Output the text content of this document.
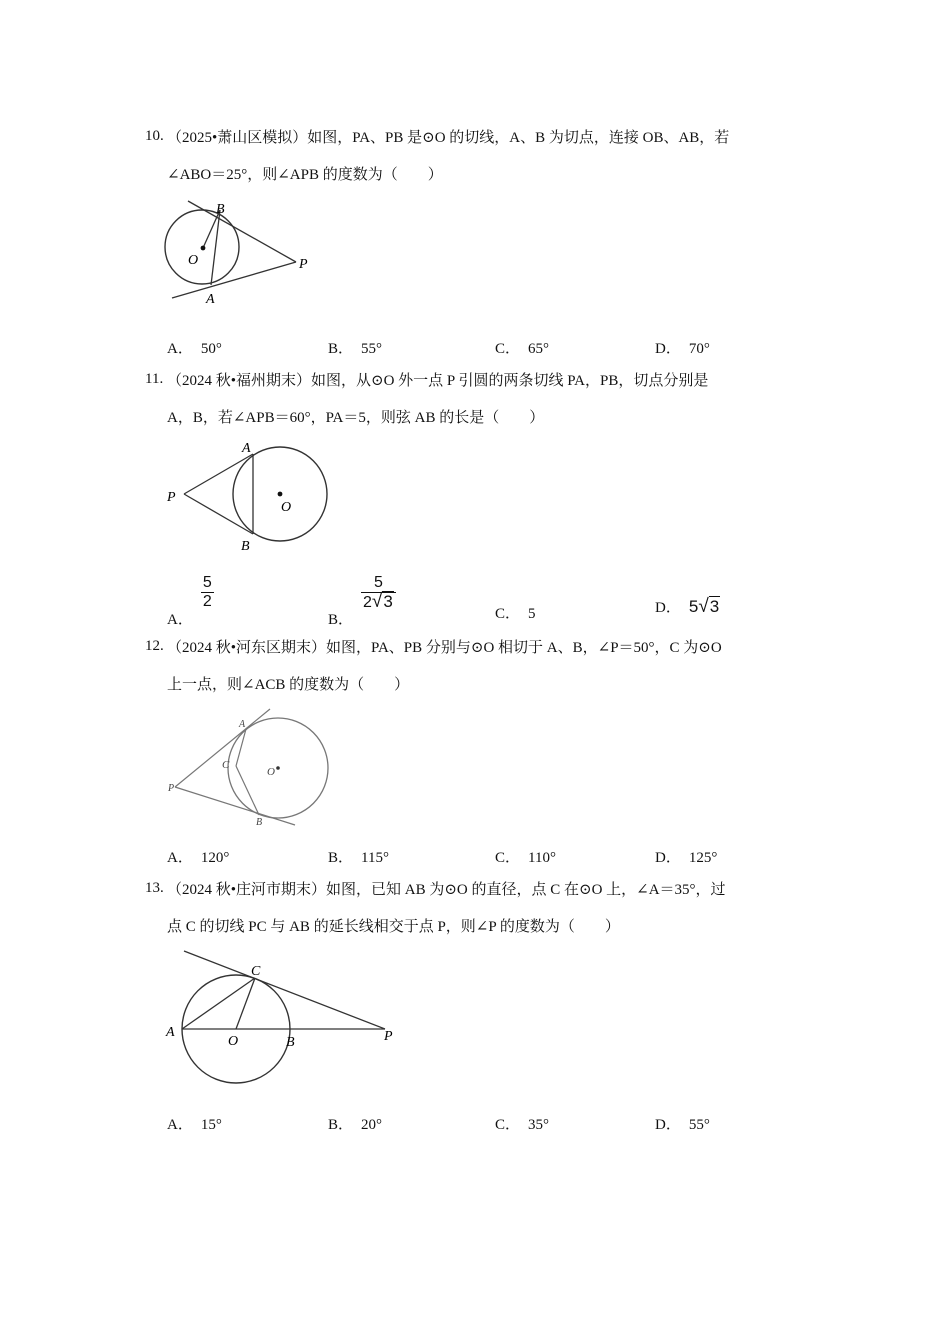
10. （2025•萧山区模拟）如图，PA、PB 是⊙O 的切线，A、B 为切点，连接 OB、AB，若
∠ABO＝25°，则∠APB 的度数为（　　）
B
O
A
P
A． 50°	B． 55°	C． 65°	D． 70°
11. （2024 秋•福州期末）如图，从⊙O 外一点 P 引圆的两条切线 PA，PB，切点分别是
A，B，若∠APB＝60°，PA＝5，则弦 AB 的长是（　　）
A
P
O
B
A．
$\frac{5}{2}$
B．
$\frac{5}{2√3}$
C． 5	D． 5√3
12. （2024 秋•河东区期末）如图，PA、PB 分别与⊙O 相切于 A、B，∠P＝50°，C 为⊙O
上一点，则∠ACB 的度数为（　　）
A
C
O
P
B
A． 120°	B． 115°	C． 110°	D． 125°
13. （2024 秋•庄河市期末）如图，已知 AB 为⊙O 的直径，点 C 在⊙O 上，∠A＝35°，过
点 C 的切线 PC 与 AB 的延长线相交于点 P，则∠P 的度数为（　　）
C
A
O	B	P
A． 15°	B． 20°	C． 35°	D． 55°
